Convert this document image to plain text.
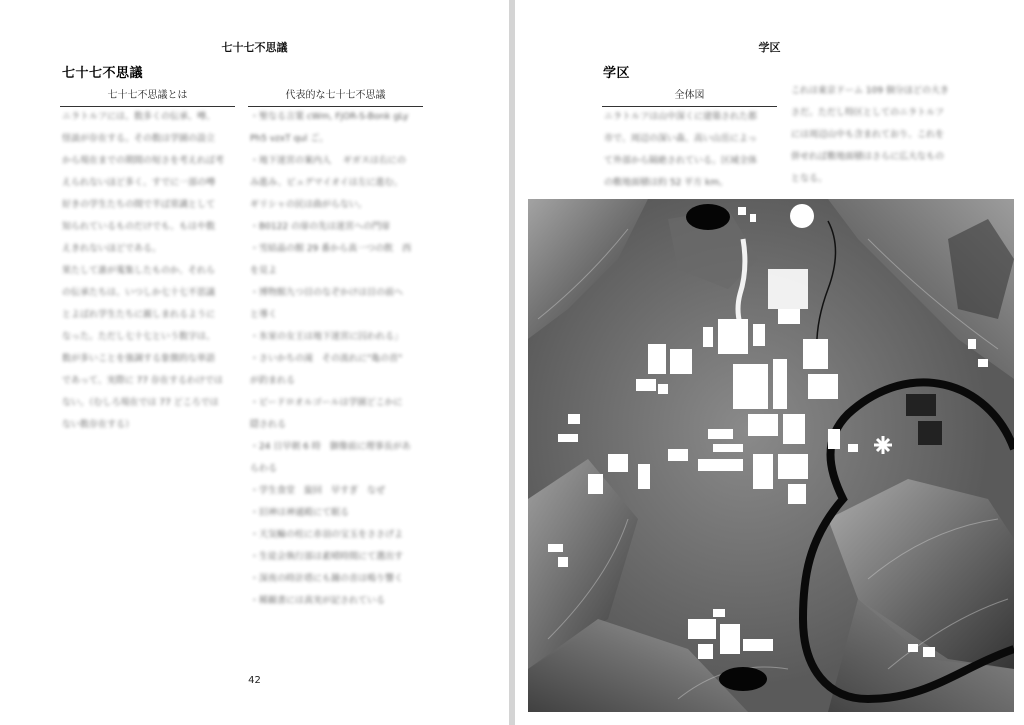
七十七不思議
七十七不思議
七十七不思議とは	代表的な七十七不思議
ニラトルフには、数多くの伝承、噂、
怪談が存在する。その数は学園の設立
から現在までの期間の短さを考えれば考
えられないほど多く、すでに一部の噂
好きの学生たちの間で半ば常識として
知られているものだけでも、もはや数
えきれないほどである。
果たして誰が蒐集したものか、それら
の伝承たちは、いつしか七十七不思議
とよばれ学生たちに親しまれるように
なった。ただし七十七という数字は、
数が多いことを強調する象徴的な単語
であって、実際に 77 存在するわけでは
ない。（むしろ現在では 77 どころでは
ない数存在する）
・聖なる言葉 cWm, FjOR-S-Bonk gLy
Ph5 vzxT qul ご。
・地下迷宮の案内人　 ギガスは右にの
み進み、ビュグマイオイは左に進む。
ギリシャの民は曲がらない。
・B0122 の扉の先は迷宮への門扉
・雪結晶の館 29 番から真一つの飲　西
を見よ
・博物館九つ目のなぞかけは目の前へ
と導く
・氷室の女王は地下迷宮に囚われる」
・さいかちの滝　その流れに"亀の首"
が釣まれる
・ビードロオルゴールは学園どこかに
隠される
・24 日早朝 6 時　御像前に理事長があ
らわる
・学生食堂　旋回　早すぎ　なぜ
・旧神は神通殿にて眠る
・天気輪の柱に赤羽の宝玉をささげよ
・生徒会執行部は素晴時間にて選出す
・深夜の時計塔にも鐘の音は鳴り響く
・稀観書には真実が記されている
42
学区
学区
全体図
ニラトルフは山中深くに建築された都
市で、周辺の深い森、高い山岳によっ
て外部から隔絶されている。区域全体
の敷地面積は約 52 平方 km。
これは東京ドーム 109 個分ほどの大き
さだ。ただし特区としてのニラトルフ
には周辺山中も含まれており、これを
併せれば敷地面積はさらに広大なもの
となる。
